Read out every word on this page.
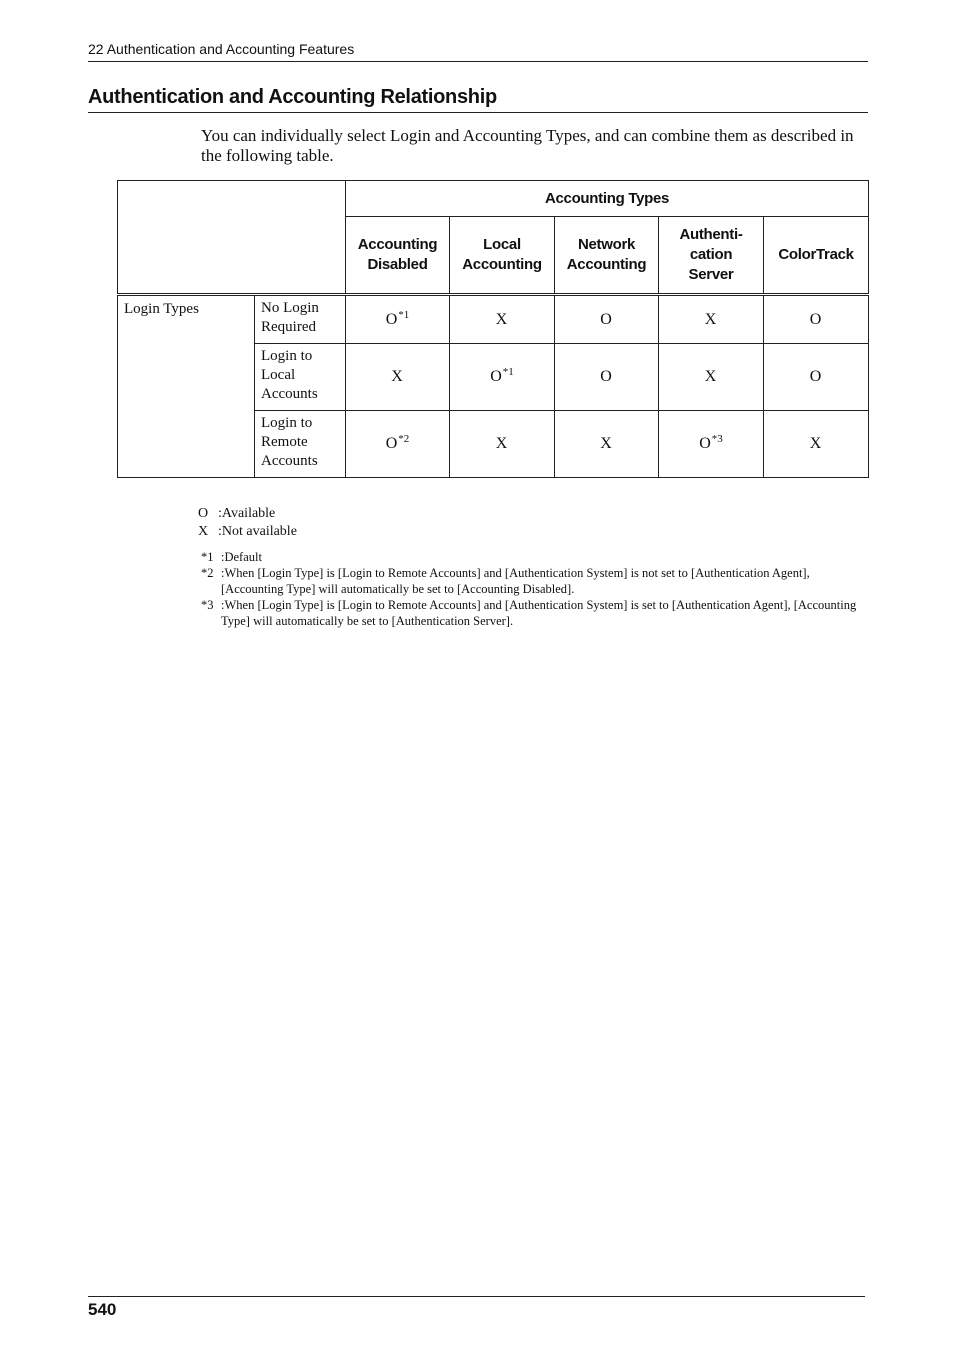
22 Authentication and Accounting Features
Authentication and Accounting Relationship

You can individually select Login and Accounting Types, and can combine them as described in the following table.

		Accounting Types				
		Accounting Disabled	Local Accounting	Network Accounting	Authenti- cation Server	ColorTrack
Login Types	No Login Required	$O^{*1}$	X	O	X	O
	Login to Local Accounts	X	$O^{*1}$	O	X	O
	Login to Remote Accounts	$O^{*2}$	X	X	$O^{*3}$	X
O :Available
X :Not available
*1 :Default
*2 :When [Login Type] is [Login to Remote Accounts] and [Authentication System] is not set to [Authentication Agent], [Accounting Type] will automatically be set to [Accounting Disabled].
*3 :When [Login Type] is [Login to Remote Accounts] and [Authentication System] is set to [Authentication Agent], [Accounting Type] will automatically be set to [Authentication Server].
540
